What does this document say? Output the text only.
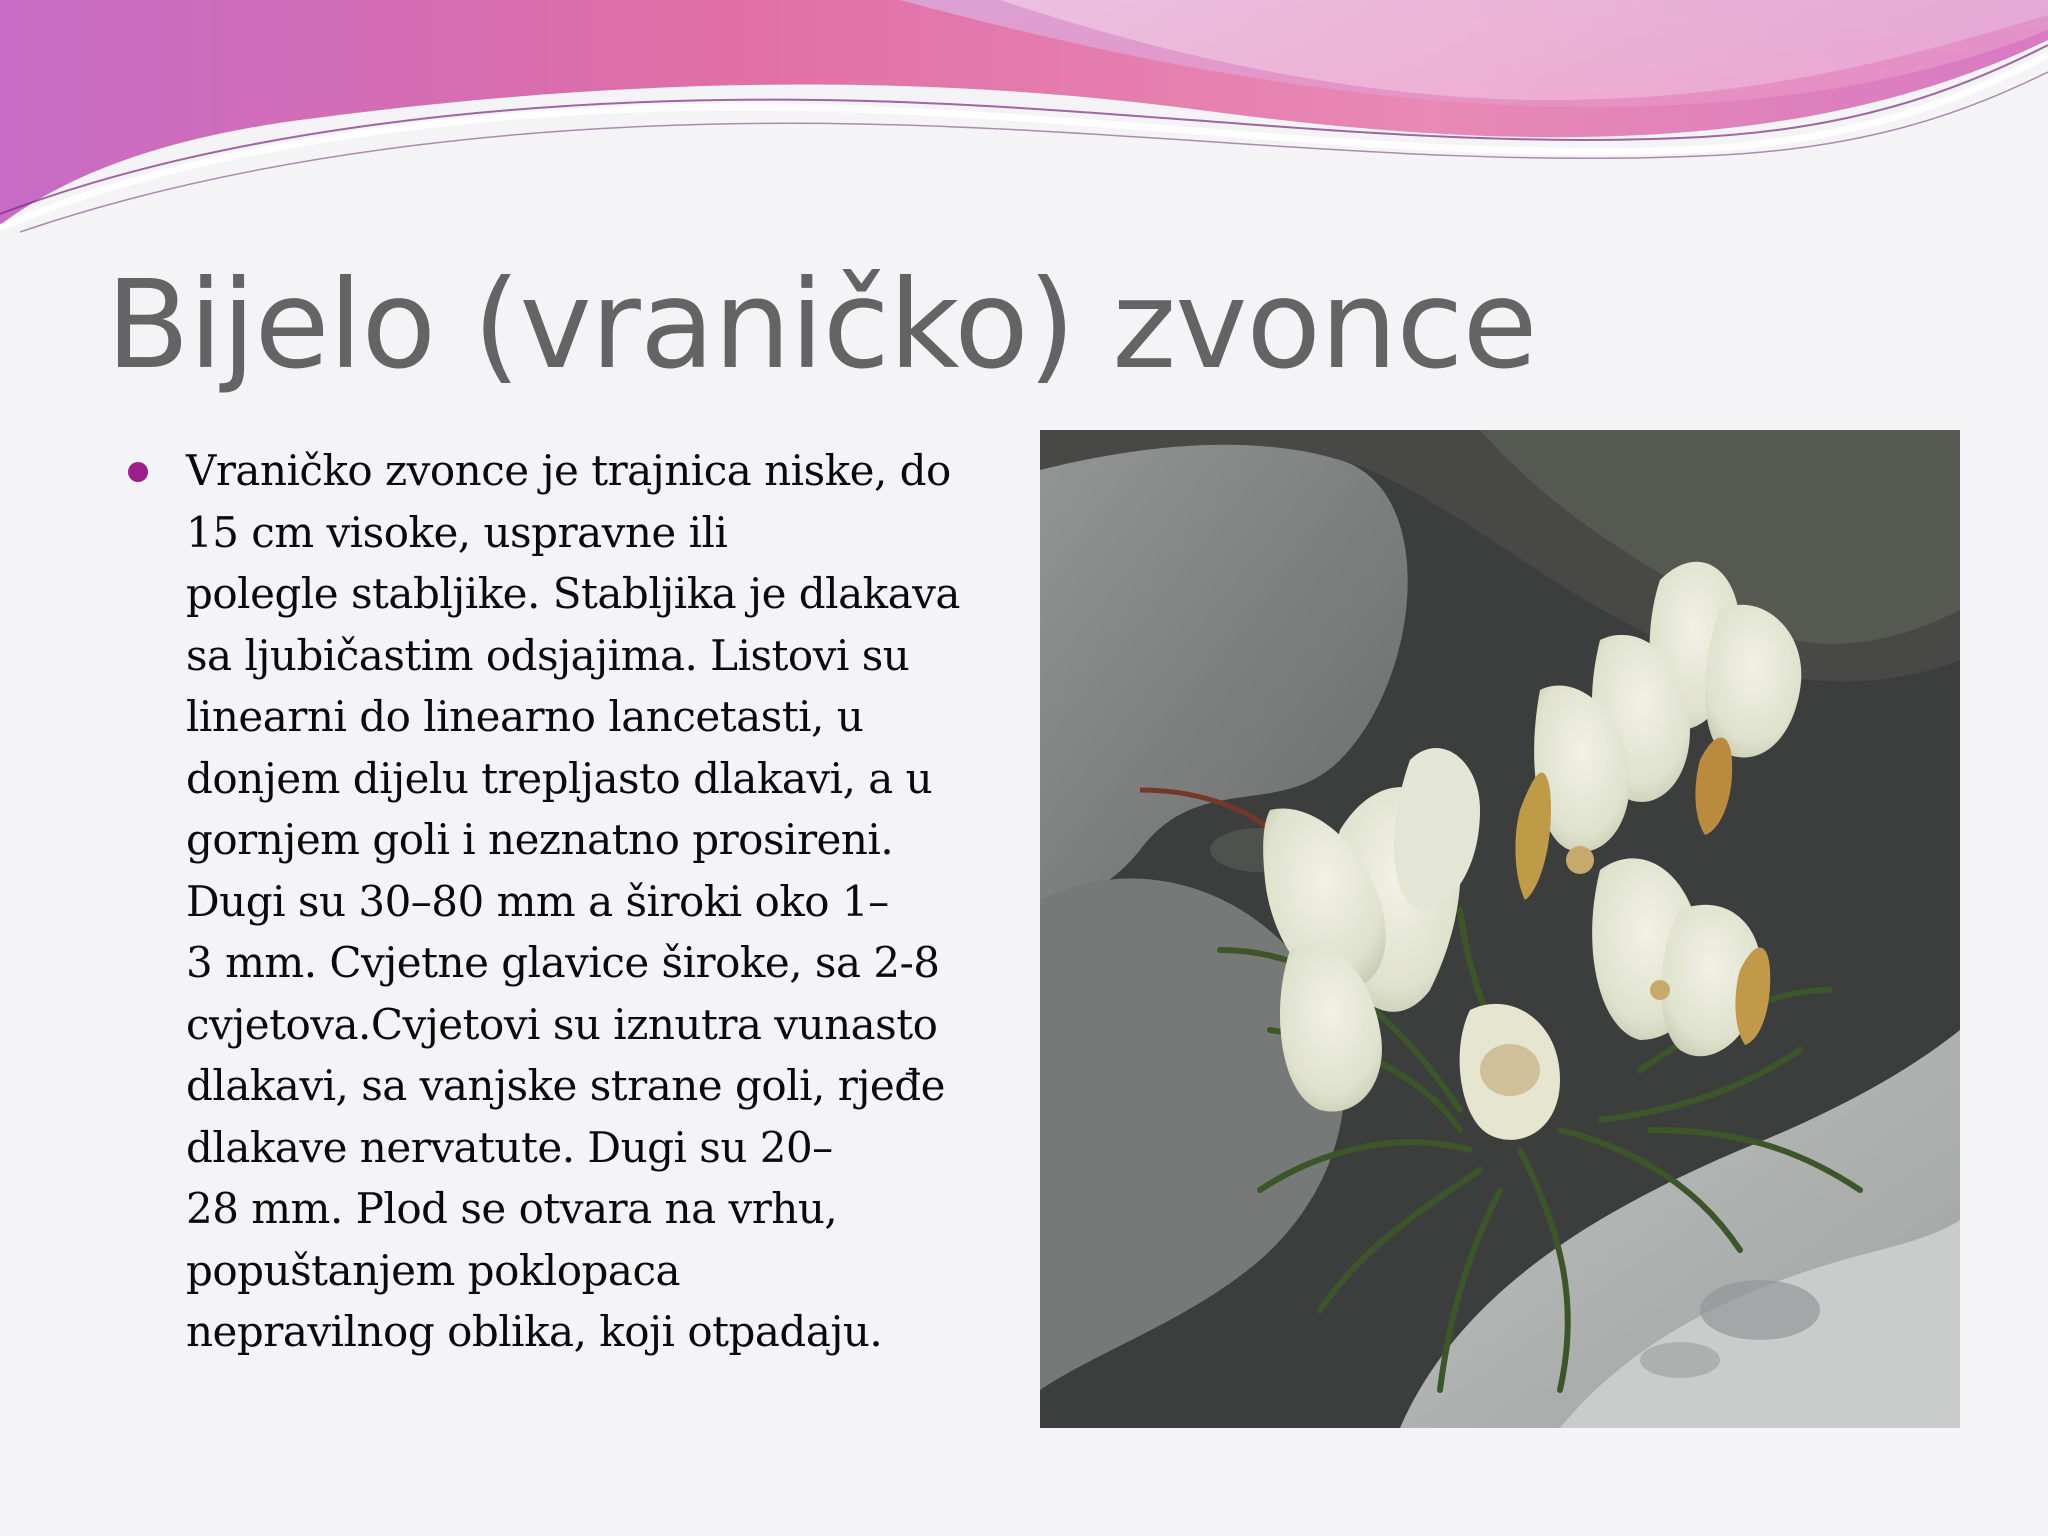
Bijelo (vraničko) zvonce

Vraničko zvonce je trajnica niske, do
15 cm visoke, uspravne ili
polegle stabljike. Stabljika je dlakava
sa ljubičastim odsjajima. Listovi su
linearni do linearno lancetasti, u
donjem dijelu trepljasto dlakavi, a u
gornjem goli i neznatno prosireni.
Dugi su 30–80 mm a široki oko 1–
3 mm. Cvjetne glavice široke, sa 2-8
cvjetova.Cvjetovi su iznutra vunasto
dlakavi, sa vanjske strane goli, rjeđe
dlakave nervatute. Dugi su 20–
28 mm. Plod se otvara na vrhu,
popuštanjem poklopaca
nepravilnog oblika, koji otpadaju.
